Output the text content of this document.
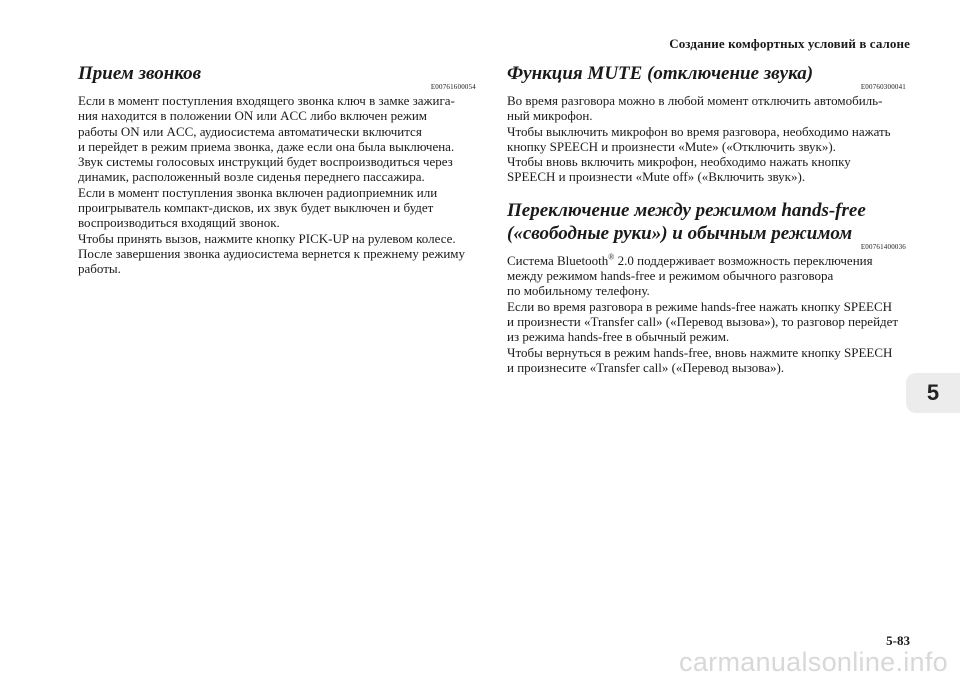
Создание комфортных условий в салоне
Прием звонков
E00761600054

Если в момент поступления входящего звонка ключ в замке зажига-
ния находится в положении ON или ACC либо включен режим
работы ON или ACC, аудиосистема автоматически включится
и перейдет в режим приема звонка, даже если она была выключена.
Звук системы голосовых инструкций будет воспроизводиться через
динамик, расположенный возле сиденья переднего пассажира.
Если в момент поступления звонка включен радиоприемник или
проигрыватель компакт-дисков, их звук будет выключен и будет
воспроизводиться входящий звонок.
Чтобы принять вызов, нажмите кнопку PICK-UP на рулевом колесе.
После завершения звонка аудиосистема вернется к прежнему режиму
работы.

Функция MUTE (отключение звука)
E00760300041

Во время разговора можно в любой момент отключить автомобиль-
ный микрофон.
Чтобы выключить микрофон во время разговора, необходимо нажать
кнопку SPEECH и произнести «Mute» («Отключить звук»).
Чтобы вновь включить микрофон, необходимо нажать кнопку
SPEECH и произнести «Mute off» («Включить звук»).

Переключение между режимом hands-free
(«свободные руки») и обычным режимом
E00761400036

Система Bluetooth® 2.0 поддерживает возможность переключения
между режимом hands-free и режимом обычного разговора
по мобильному телефону.
Если во время разговора в режиме hands-free нажать кнопку SPEECH
и произнести «Transfer call» («Перевод вызова»), то разговор перейдет
из режима hands-free в обычный режим.
Чтобы вернуться в режим hands-free, вновь нажмите кнопку SPEECH
и произнесите «Transfer call» («Перевод вызова»).

5
5-83
carmanualsonline.info
